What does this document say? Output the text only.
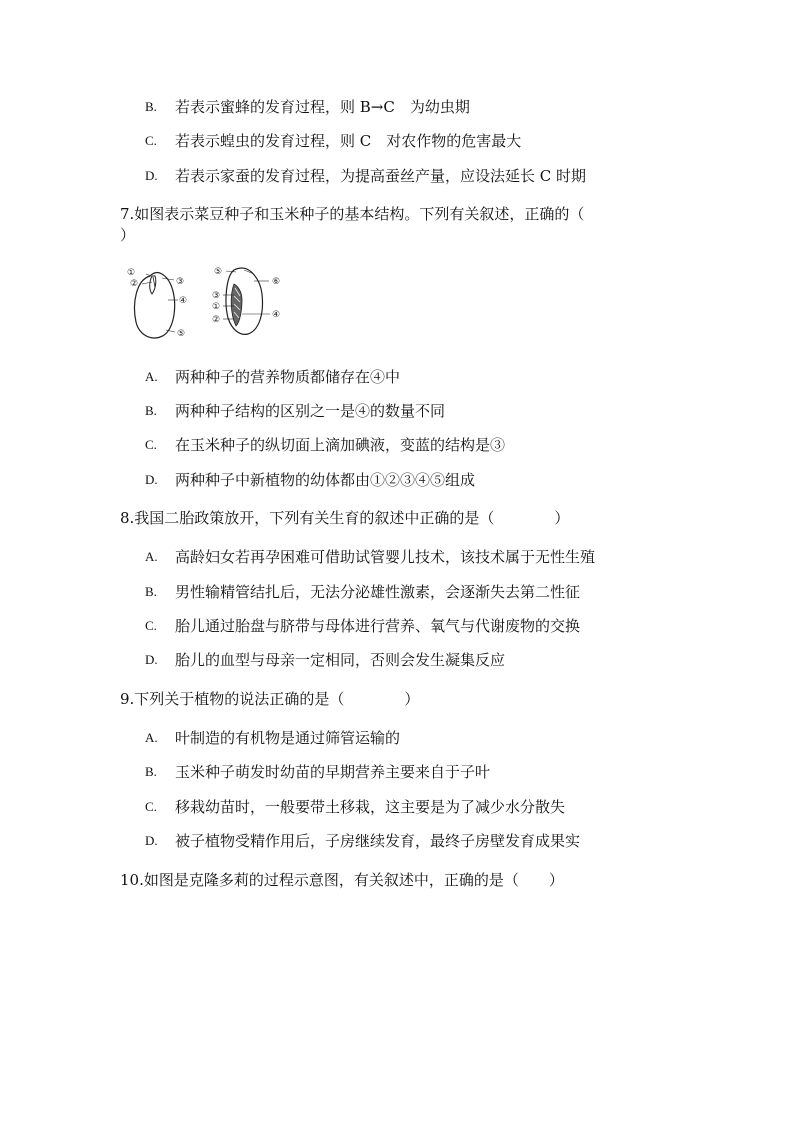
B. 若表示蜜蜂的发育过程，则 B→C　为幼虫期
C. 若表示蝗虫的发育过程，则 C　对农作物的危害最大
D. 若表示家蚕的发育过程，为提高蚕丝产量，应设法延长 C 时期
7.如图表示菜豆种子和玉米种子的基本结构。下列有关叙述，正确的（
）
①
②	③
④
⑤
⑤
⑥
③
①
②	④
A. 两种种子的营养物质都储存在④中
B. 两种种子结构的区别之一是④的数量不同
C. 在玉米种子的纵切面上滴加碘液，变蓝的结构是③
D. 两种种子中新植物的幼体都由①②③④⑤组成
8.我国二胎政策放开，下列有关生育的叙述中正确的是（　　　　）
A. 高龄妇女若再孕困难可借助试管婴儿技术，该技术属于无性生殖
B. 男性输精管结扎后，无法分泌雄性激素，会逐渐失去第二性征
C. 胎儿通过胎盘与脐带与母体进行营养、氧气与代谢废物的交换
D. 胎儿的血型与母亲一定相同，否则会发生凝集反应
9.下列关于植物的说法正确的是（　　　　）
A. 叶制造的有机物是通过筛管运输的
B. 玉米种子萌发时幼苗的早期营养主要来自于子叶
C. 移栽幼苗时，一般要带土移栽，这主要是为了减少水分散失
D. 被子植物受精作用后，子房继续发育，最终子房壁发育成果实
10.如图是克隆多莉的过程示意图，有关叙述中，正确的是（　　）
